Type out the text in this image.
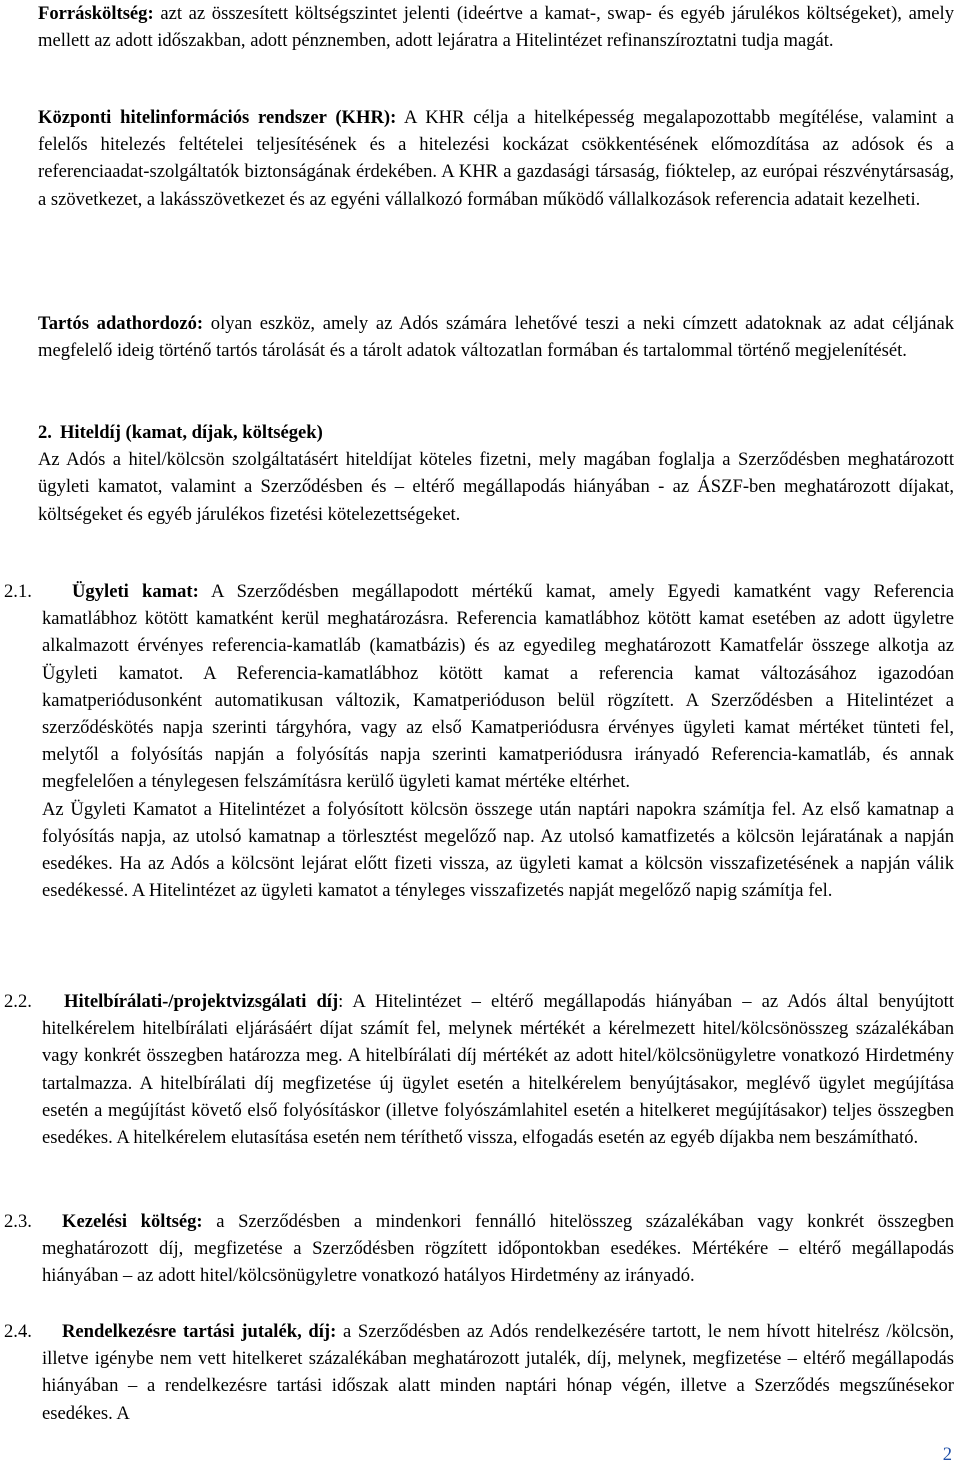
Forrásköltség: azt az összesített költségszintet jelenti (ideértve a kamat-, swap- és egyéb járulékos költségeket), amely mellett az adott időszakban, adott pénznemben, adott lejáratra a Hitelintézet refinanszíroztatni tudja magát.

Központi hitelinformációs rendszer (KHR): A KHR célja a hitelképesség megalapozottabb megítélése, valamint a felelős hitelezés feltételei teljesítésének és a hitelezési kockázat csökkentésének előmozdítása az adósok és a referenciaadat-szolgáltatók biztonságának érdekében. A KHR a gazdasági társaság, fióktelep, az európai részvénytársaság, a szövetkezet, a lakásszövetkezet és az egyéni vállalkozó formában működő vállalkozások referencia adatait kezelheti.

Tartós adathordozó: olyan eszköz, amely az Adós számára lehetővé teszi a neki címzett adatoknak az adat céljának megfelelő ideig történő tartós tárolását és a tárolt adatok változatlan formában és tartalommal történő megjelenítését.

2. Hiteldíj (kamat, díjak, költségek)

Az Adós a hitel/kölcsön szolgáltatásért hiteldíjat köteles fizetni, mely magában foglalja a Szerződésben meghatározott ügyleti kamatot, valamint a Szerződésben és – eltérő megállapodás hiányában - az ÁSZF-ben meghatározott díjakat, költségeket és egyéb járulékos fizetési kötelezettségeket.

2.1.	Ügyleti kamat: A Szerződésben megállapodott mértékű kamat, amely Egyedi kamatként vagy Referencia kamatlábhoz kötött kamatként kerül meghatározásra. Referencia kamatlábhoz kötött kamat esetében az adott ügyletre alkalmazott érvényes referencia-kamatláb (kamatbázis) és az egyedileg meghatározott Kamatfelár összege alkotja az Ügyleti kamatot. A Referencia-kamatlábhoz kötött kamat a referencia kamat változásához igazodóan kamatperiódusonként automatikusan változik, Kamatperióduson belül rögzített. A Szerződésben a Hitelintézet a szerződéskötés napja szerinti tárgyhóra, vagy az első Kamatperiódusra érvényes ügyleti kamat mértéket tünteti fel, melytől a folyósítás napján a folyósítás napja szerinti kamatperiódusra irányadó Referencia-kamatláb, és annak megfelelően a ténylegesen felszámításra kerülő ügyleti kamat mértéke eltérhet.

Az Ügyleti Kamatot a Hitelintézet a folyósított kölcsön összege után naptári napokra számítja fel. Az első kamatnap a folyósítás napja, az utolsó kamatnap a törlesztést megelőző nap. Az utolsó kamatfizetés a kölcsön lejáratának a napján esedékes. Ha az Adós a kölcsönt lejárat előtt fizeti vissza, az ügyleti kamat a kölcsön visszafizetésének a napján válik esedékessé. A Hitelintézet az ügyleti kamatot a tényleges visszafizetés napját megelőző napig számítja fel.

2.2.	Hitelbírálati-/projektvizsgálati díj: A Hitelintézet – eltérő megállapodás hiányában – az Adós által benyújtott hitelkérelem hitelbírálati eljárásáért díjat számít fel, melynek mértékét a kérelmezett hitel/kölcsönösszeg százalékában vagy konkrét összegben határozza meg. A hitelbírálati díj mértékét az adott hitel/kölcsönügyletre vonatkozó Hirdetmény tartalmazza. A hitelbírálati díj megfizetése új ügylet esetén a hitelkérelem benyújtásakor, meglévő ügylet megújítása esetén a megújítást követő első folyósításkor (illetve folyószámlahitel esetén a hitelkeret megújításakor) teljes összegben esedékes. A hitelkérelem elutasítása esetén nem téríthető vissza, elfogadás esetén az egyéb díjakba nem beszámítható.

2.3.	Kezelési költség: a Szerződésben a mindenkori fennálló hitelösszeg százalékában vagy konkrét összegben meghatározott díj, megfizetése a Szerződésben rögzített időpontokban esedékes. Mértékére – eltérő megállapodás hiányában – az adott hitel/kölcsönügyletre vonatkozó hatályos Hirdetmény az irányadó.

2.4.	Rendelkezésre tartási jutalék, díj: a Szerződésben az Adós rendelkezésére tartott, le nem hívott hitelrész /kölcsön, illetve igénybe nem vett hitelkeret százalékában meghatározott jutalék, díj, melynek, megfizetése – eltérő megállapodás hiányában – a rendelkezésre tartási időszak alatt minden naptári hónap végén, illetve a Szerződés megszűnésekor esedékes. A

2
